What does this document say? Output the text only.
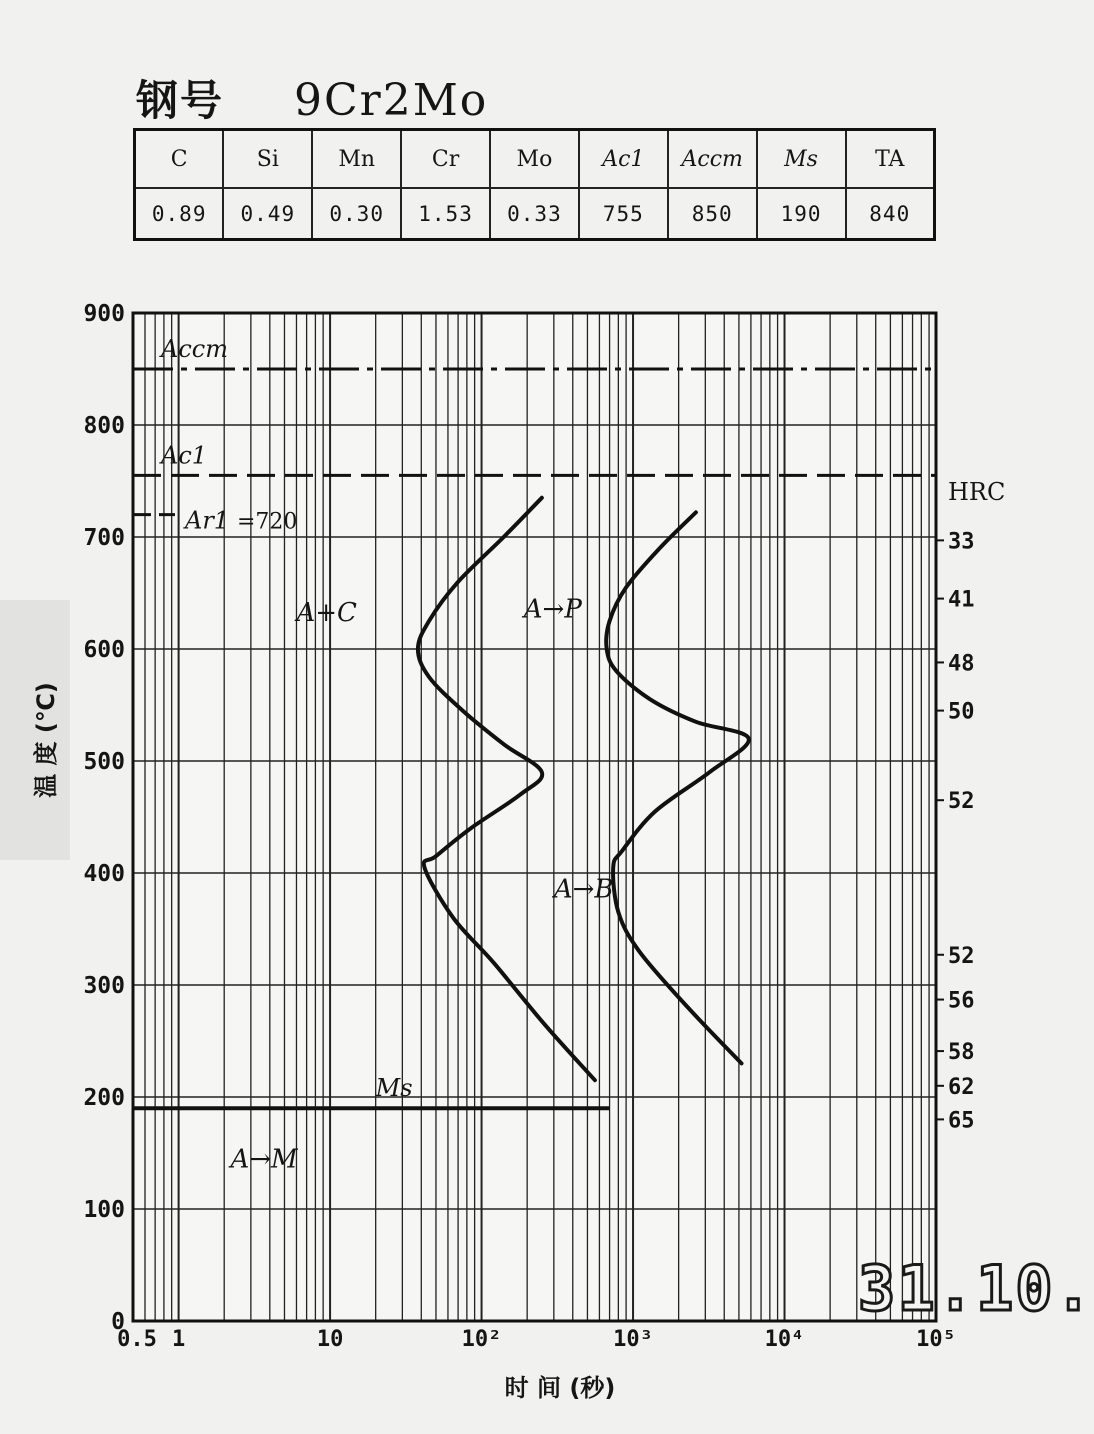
钢号 9Cr2Mo
C	Si	Mn	Cr	Mo	Ac1	Accm	Ms	TA
0.89	0.49	0.30	1.53	0.33	755	850	190	840
0
100
200
300
400
500
600
700
800
900
0.5 1	10	10²	10³	10⁴	10⁵
时 间 (秒)
温 度 (℃)
Accm
Ac1
Ar1 =720
Ms
HRC
33
41
48
50
52
52
56
58
62
65
A+C	A→P
A→B
A→M
31.10.
